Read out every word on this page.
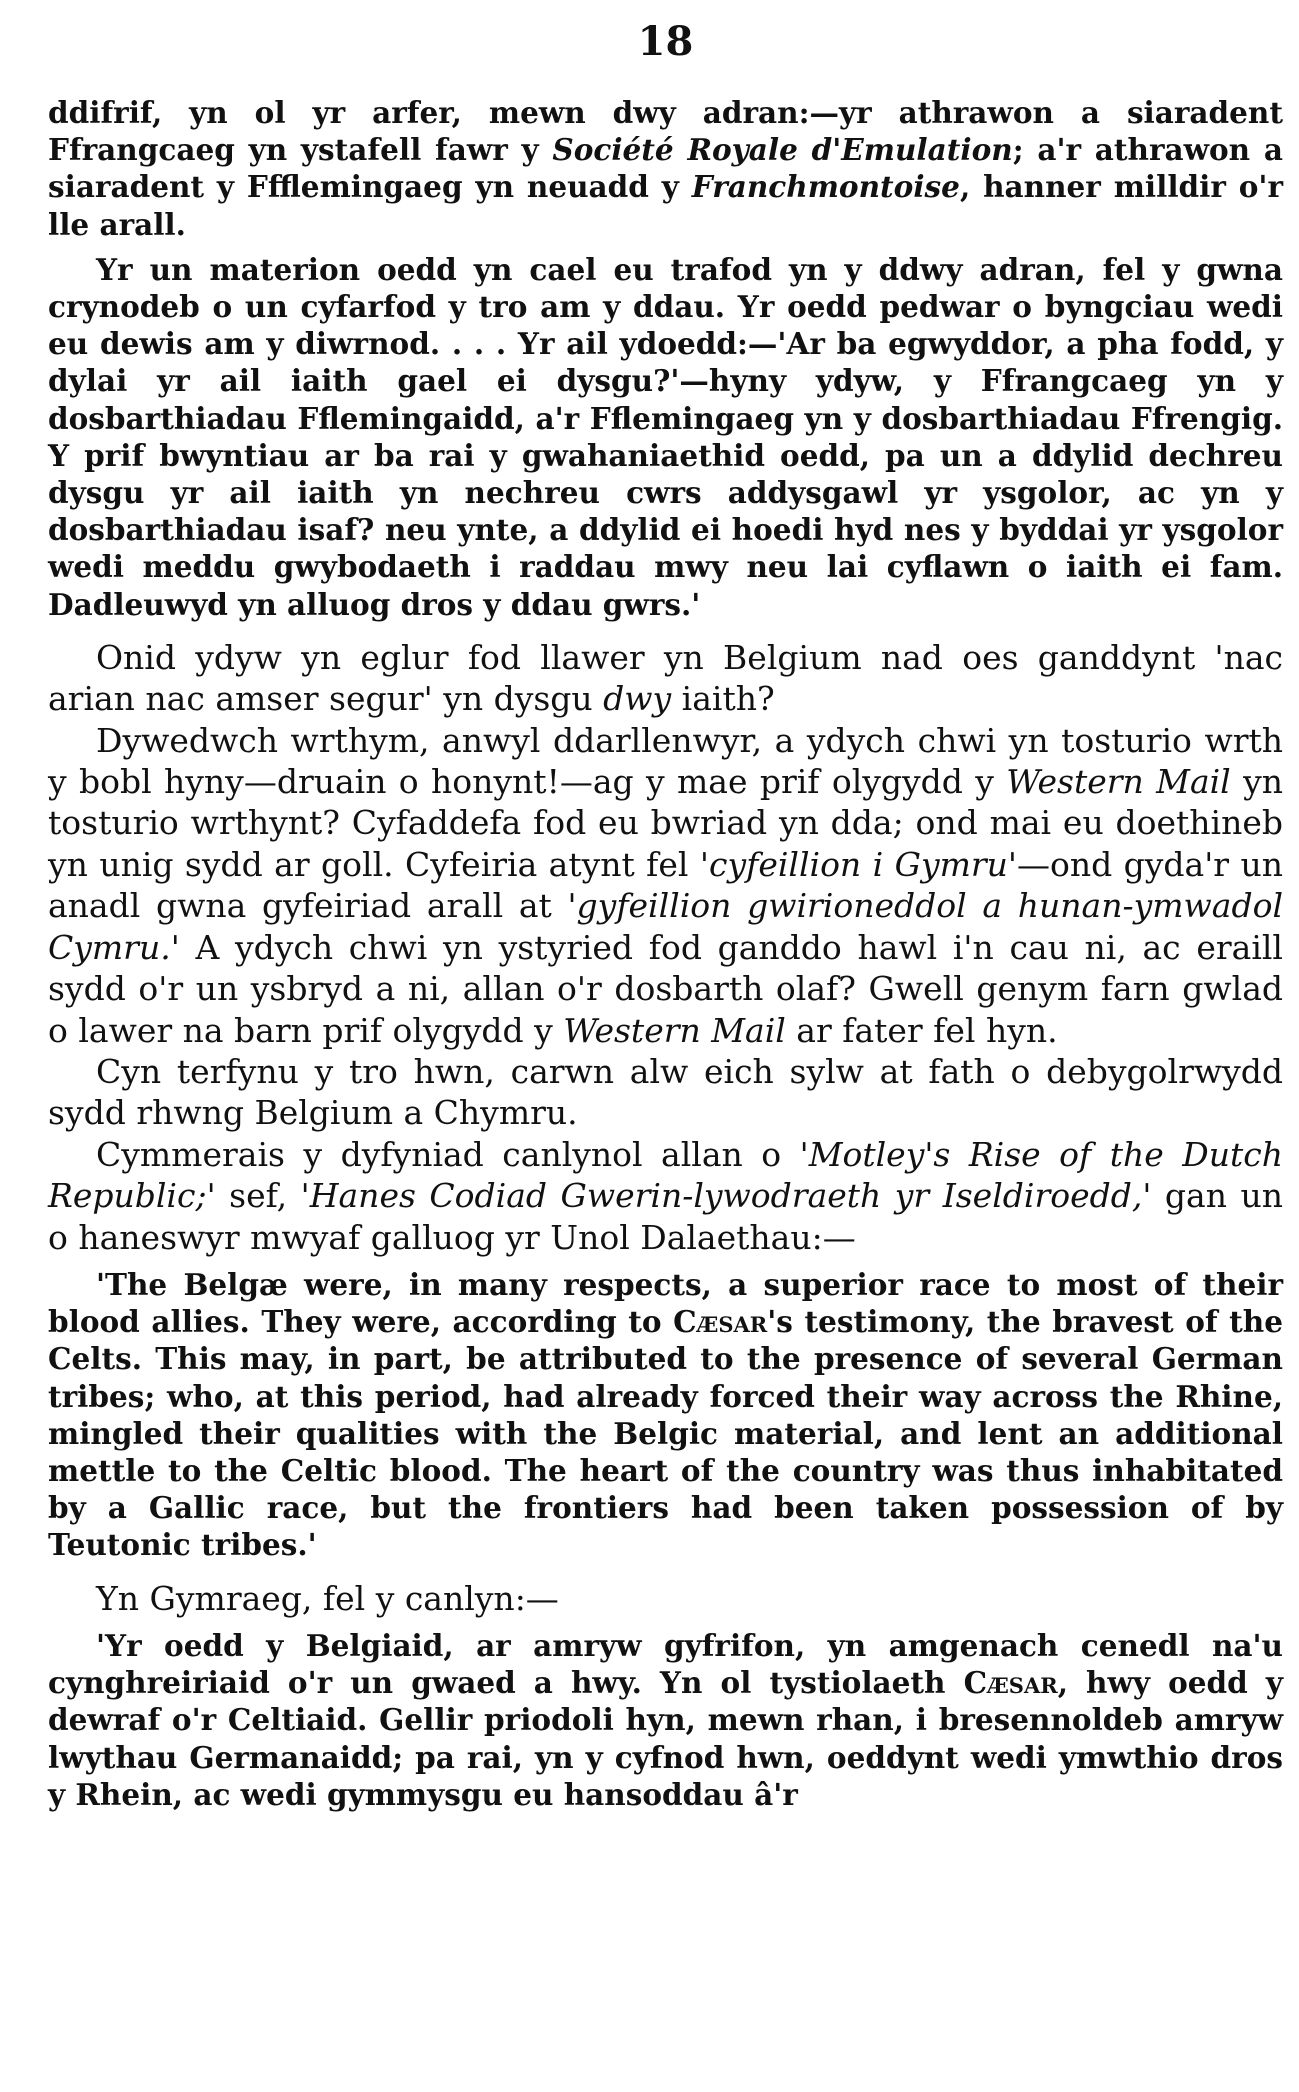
18

ddifrif, yn ol yr arfer, mewn dwy adran:—yr athrawon a siaradent Ffrangcaeg yn ystafell fawr y Société Royale d'Emulation; a'r athrawon a siaradent y Ffflemingaeg yn neuadd y Franchmontoise, hanner milldir o'r lle arall.

Yr un materion oedd yn cael eu trafod yn y ddwy adran, fel y gwna crynodeb o un cyfarfod y tro am y ddau. Yr oedd pedwar o byngciau wedi eu dewis am y diwrnod. . . . Yr ail ydoedd:—'Ar ba egwyddor, a pha fodd, y dylai yr ail iaith gael ei dysgu?'—hyny ydyw, y Ffrangcaeg yn y dosbarthiadau Fflemingaidd, a'r Fflemingaeg yn y dosbarthiadau Ffrengig. Y prif bwyntiau ar ba rai y gwahaniaethid oedd, pa un a ddylid dechreu dysgu yr ail iaith yn nechreu cwrs addysgawl yr ysgolor, ac yn y dosbarthiadau isaf? neu ynte, a ddylid ei hoedi hyd nes y byddai yr ysgolor wedi meddu gwybodaeth i raddau mwy neu lai cyflawn o iaith ei fam. Dadleuwyd yn alluog dros y ddau gwrs.'

Onid ydyw yn eglur fod llawer yn Belgium nad oes ganddynt 'nac arian nac amser segur' yn dysgu dwy iaith?

Dywedwch wrthym, anwyl ddarllenwyr, a ydych chwi yn tosturio wrth y bobl hyny—druain o honynt!—ag y mae prif olygydd y Western Mail yn tosturio wrthynt? Cyfaddefa fod eu bwriad yn dda; ond mai eu doethineb yn unig sydd ar goll. Cyfeiria atynt fel 'cyfeillion i Gymru'—ond gyda'r un anadl gwna gyfeiriad arall at 'gyfeillion gwirioneddol a hunan-ymwadol Cymru.' A ydych chwi yn ystyried fod ganddo hawl i'n cau ni, ac eraill sydd o'r un ysbryd a ni, allan o'r dosbarth olaf? Gwell genym farn gwlad o lawer na barn prif olygydd y Western Mail ar fater fel hyn.

Cyn terfynu y tro hwn, carwn alw eich sylw at fath o debygolrwydd sydd rhwng Belgium a Chymru.

Cymmerais y dyfyniad canlynol allan o 'Motley's Rise of the Dutch Republic;' sef, 'Hanes Codiad Gwerin-lywodraeth yr Iseldiroedd,' gan un o haneswyr mwyaf galluog yr Unol Dalaethau:—

'The Belgæ were, in many respects, a superior race to most of their blood allies. They were, according to Cæsar's testimony, the bravest of the Celts. This may, in part, be attributed to the presence of several German tribes; who, at this period, had already forced their way across the Rhine, mingled their qualities with the Belgic material, and lent an additional mettle to the Celtic blood. The heart of the country was thus inhabitated by a Gallic race, but the frontiers had been taken possession of by Teutonic tribes.'

Yn Gymraeg, fel y canlyn:—

'Yr oedd y Belgiaid, ar amryw gyfrifon, yn amgenach cenedl na'u cynghreiriaid o'r un gwaed a hwy. Yn ol tystiolaeth Cæsar, hwy oedd y dewraf o'r Celtiaid. Gellir priodoli hyn, mewn rhan, i bresennoldeb amryw lwythau Germanaidd; pa rai, yn y cyfnod hwn, oeddynt wedi ymwthio dros y Rhein, ac wedi gymmysgu eu hansoddau â'r
